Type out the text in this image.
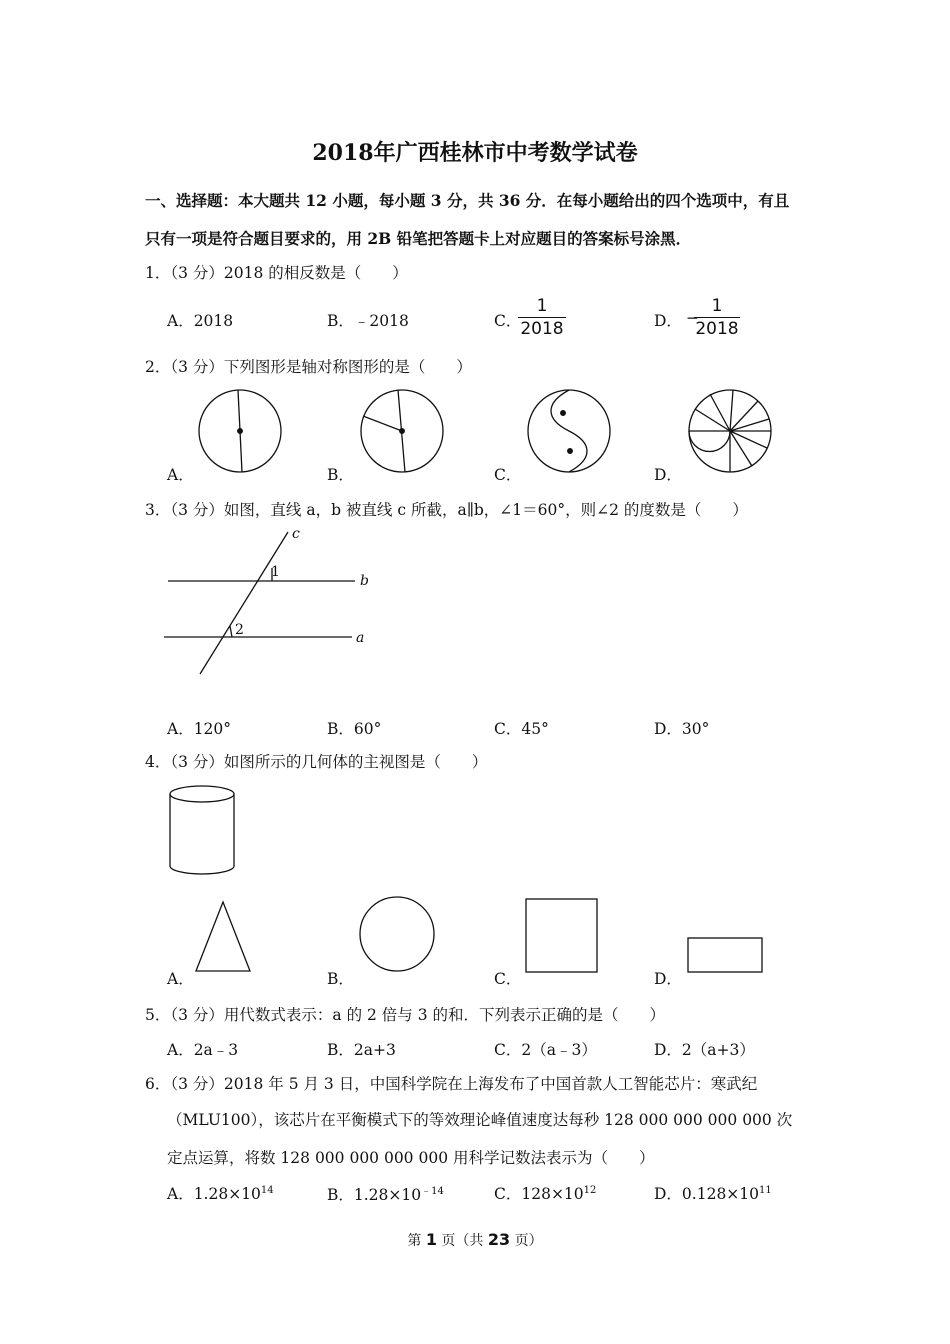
2018年广西桂林市中考数学试卷
一、选择题：本大题共 12 小题，每小题 3 分，共 36 分．在每小题给出的四个选项中，有且
只有一项是符合题目要求的，用 2B 铅笔把答题卡上对应题目的答案标号涂黑．
1．（3 分）2018 的相反数是（　　）
A．2018	B．﹣2018	C．
1
2018	D． −
1
2018
2．（3 分）下列图形是轴对称图形的是（　　）
A．	B．	C．	D．
3．（3 分）如图，直线 a，b 被直线 c 所截，a∥b，∠1＝60°，则∠2 的度数是（　　）
c
b
a
1
2
A．120°	B．60°	C．45°	D．30°
4．（3 分）如图所示的几何体的主视图是（　　）
A．	B．	C．	D．
5．（3 分）用代数式表示：a 的 2 倍与 3 的和．下列表示正确的是（　　）
A．2a﹣3	B．2a+3	C．2（a﹣3）	D．2（a+3）
6．（3 分）2018 年 5 月 3 日，中国科学院在上海发布了中国首款人工智能芯片：寒武纪
（MLU100），该芯片在平衡模式下的等效理论峰值速度达每秒 128 000 000 000 000 次
定点运算，将数 128 000 000 000 000 用科学记数法表示为（　　）
A．$1.28\times 10^{14}$	B．$1.28\times 10^{﹣14}$	C．$128\times 10^{12}$	D．$0.128\times 10^{11}$
第 1 页（共 23 页）
